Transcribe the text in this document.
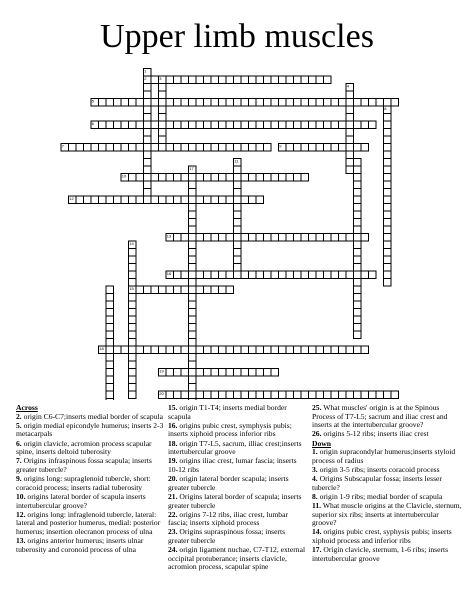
Upper limb muscles
1
2	3
4
5
6
7
8
9
10
11
12
13
14
15
16
17
18
19
20
Across
2. origin C6-C7;inserts medial border of scapula
5. origin medial epicondyle humerus; inserts 2-3 metacarpals
6. origin clavicle, acromion process scapular spine, inserts deltoid tuberosity
7. Origins infraspinous fossa scapula; inserts greater tubercle?
9. origins long: supraglenoid tubercle, short: coracoid process; inserts radial tuberosity
10. origins lateral border of scapula inserts intertubercular groove?
12. origins long: infraglenoid tubercle, lateral: lateral and posterior humerus, medial: posterior humerus; insertion olecranon process of ulna
13. origins anterior humerus; inserts ulnar tuberosity and coronoid process of ulna
15. origin T1-T4; inserts medial border scapula
16. origins pubic crest, symphysis pubis; inserts xiphoid process inferior ribs
18. origin T7-L5, sacrum, illiac crest;inserts intertubercular groove
19. origins iliac crest, lumar fascia; inserts 10-12 ribs
20. origin lateral border scapula; inserts greater tubercle
21. Origins lateral border of scapula; inserts greater tubercle
22. origins 7-12 ribs, iliac crest, lumbar fascia; inserts xiphoid process
23. Origins supraspinous fossa; inserts greater tubercle
24. origin ligament nuchae, C7-T12, external occipital protuberance; inserts clavicle, acromion process, scapular spine
25. What muscles' origin is at the Spinous Process of T7-L5; sacrum and iliac crest and inserts at the intertubercular groove?
26. origins 5-12 ribs; inserts iliac crest
Down
1. origin supracondylar humerus;inserts styloid process of radius
3. origin 3-5 ribs; inserts coracoid process
4. Origins Subscapular fossa; inserts lesser tubercle?
8. origin 1-9 ribs; medial border of scapula
11. What muscle origins at the Clavicle, sternum, superior six ribs; inserts at intertubercular groove?
14. origins pubic crest, syphysis pubis; inserts xiphoid process and inferior ribs
17. Origin clavicle, sternum, 1-6 ribs; inserts intertubercular groove
